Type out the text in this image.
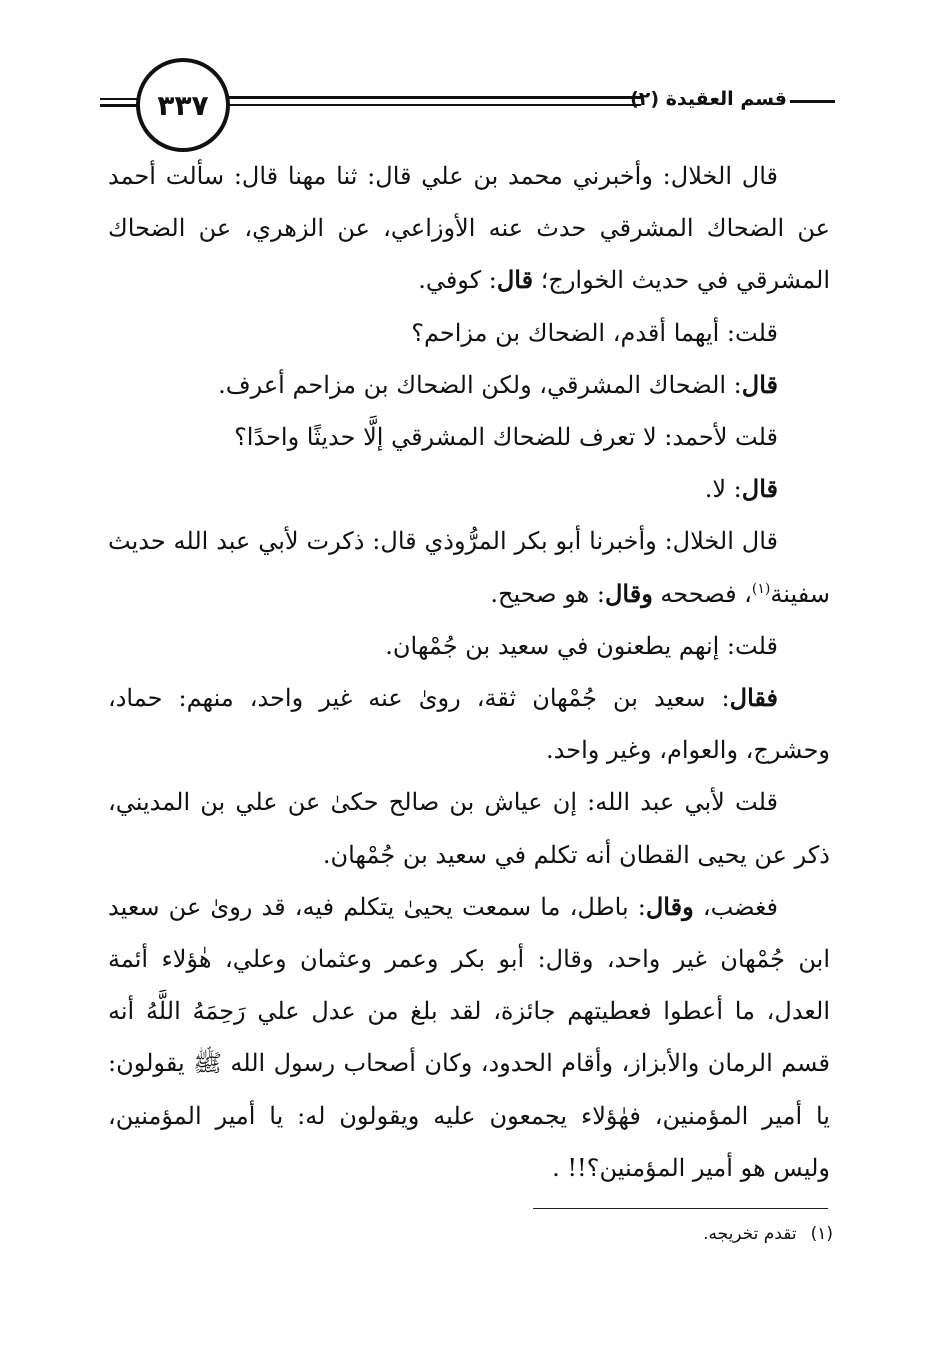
٣٣٧	قسم العقيدة (٢)

قال الخلال: وأخبرني محمد بن علي قال: ثنا مهنا قال: سألت أحمد عن الضحاك المشرقي حدث عنه الأوزاعي، عن الزهري، عن الضحاك المشرقي في حديث الخوارج؛ قال: كوفي.

قلت: أيهما أقدم، الضحاك بن مزاحم؟

قال: الضحاك المشرقي، ولكن الضحاك بن مزاحم أعرف.

قلت لأحمد: لا تعرف للضحاك المشرقي إلَّا حديثًا واحدًا؟

قال: لا.

قال الخلال: وأخبرنا أبو بكر المرُّوذي قال: ذكرت لأبي عبد الله حديث سفينة$^{(١)}$، فصححه وقال: هو صحيح.

قلت: إنهم يطعنون في سعيد بن جُمْهان.

فقال: سعيد بن جُمْهان ثقة، روىٰ عنه غير واحد، منهم: حماد، وحشرج، والعوام، وغير واحد.

قلت لأبي عبد الله: إن عياش بن صالح حكىٰ عن علي بن المديني، ذكر عن يحيى القطان أنه تكلم في سعيد بن جُمْهان.

فغضب، وقال: باطل، ما سمعت يحيىٰ يتكلم فيه، قد روىٰ عن سعيد ابن جُمْهان غير واحد، وقال: أبو بكر وعمر وعثمان وعلي، هٰؤلاء أئمة العدل، ما أعطوا فعطيتهم جائزة، لقد بلغ من عدل علي رَحِمَهُ اللَّهُ أنه قسم الرمان والأبزاز، وأقام الحدود، وكان أصحاب رسول الله ﷺ يقولون: يا أمير المؤمنين، فهٰؤلاء يجمعون عليه ويقولون له: يا أمير المؤمنين، وليس هو أمير المؤمنين؟!! .

(١)تقدم تخريجه.
